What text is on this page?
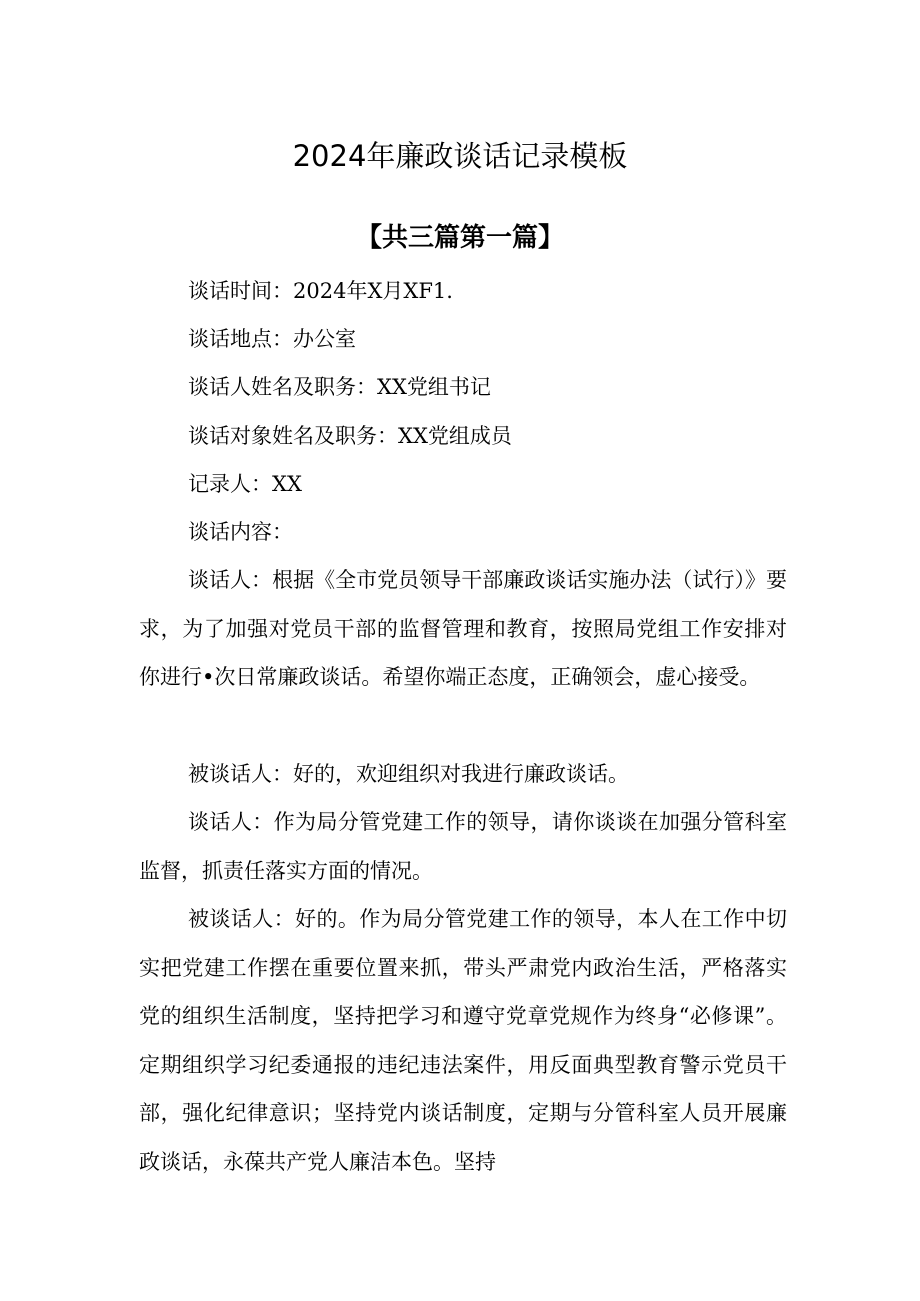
2024年廉政谈话记录模板
【共三篇第一篇】

谈话时间：2024年X月XF1.

谈话地点：办公室

谈话人姓名及职务：XX党组书记

谈话对象姓名及职务：XX党组成员

记录人：XX

谈话内容：

谈话人：根据《全市党员领导干部廉政谈话实施办法（试行）》要求，为了加强对党员干部的监督管理和教育，按照局党组工作安排对你进行•次日常廉政谈话。希望你端正态度，正确领会，虚心接受。

被谈话人：好的，欢迎组织对我进行廉政谈话。

谈话人：作为局分管党建工作的领导，请你谈谈在加强分管科室监督，抓责任落实方面的情况。

被谈话人：好的。作为局分管党建工作的领导，本人在工作中切实把党建工作摆在重要位置来抓，带头严肃党内政治生活，严格落实党的组织生活制度，坚持把学习和遵守党章党规作为终身“必修课”。定期组织学习纪委通报的违纪违法案件，用反面典型教育警示党员干部，强化纪律意识；坚持党内谈话制度，定期与分管科室人员开展廉政谈话，永葆共产党人廉洁本色。坚持
